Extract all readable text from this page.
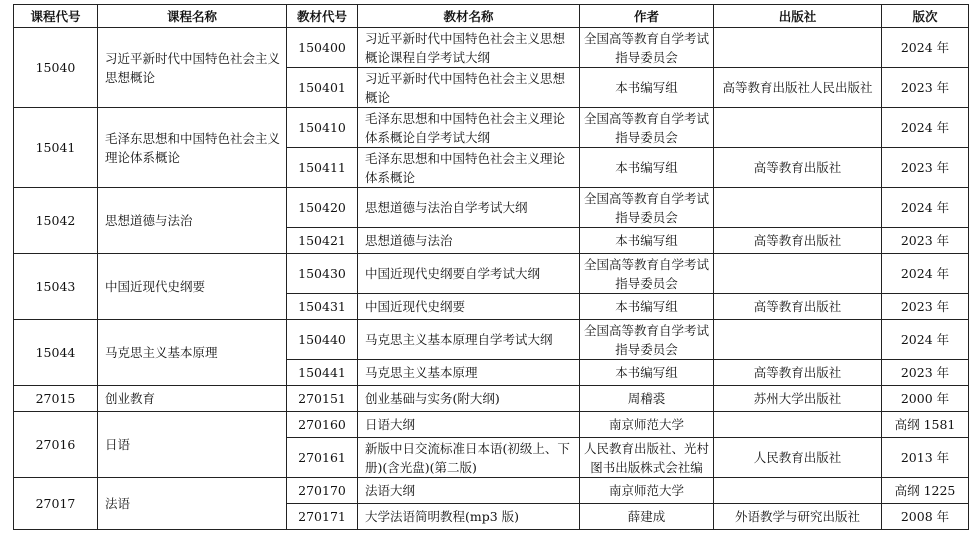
课程代号	课程名称	教材代号	教材名称	作者	出版社	版次
15040	习近平新时代中国特色社会主义思想概论	150400	习近平新时代中国特色社会主义思想概论课程自学考试大纲	全国高等教育自学考试指导委员会		2024 年
		150401	习近平新时代中国特色社会主义思想概论	本书编写组	高等教育出版社人民出版社	2023 年
15041	毛泽东思想和中国特色社会主义理论体系概论	150410	毛泽东思想和中国特色社会主义理论体系概论自学考试大纲	全国高等教育自学考试指导委员会		2024 年
		150411	毛泽东思想和中国特色社会主义理论体系概论	本书编写组	高等教育出版社	2023 年
15042	思想道德与法治	150420	思想道德与法治自学考试大纲	全国高等教育自学考试指导委员会		2024 年
		150421	思想道德与法治	本书编写组	高等教育出版社	2023 年
15043	中国近现代史纲要	150430	中国近现代史纲要自学考试大纲	全国高等教育自学考试指导委员会		2024 年
		150431	中国近现代史纲要	本书编写组	高等教育出版社	2023 年
15044	马克思主义基本原理	150440	马克思主义基本原理自学考试大纲	全国高等教育自学考试指导委员会		2024 年
		150441	马克思主义基本原理	本书编写组	高等教育出版社	2023 年
27015	创业教育	270151	创业基础与实务(附大纲)	周稽裘	苏州大学出版社	2000 年
27016	日语	270160	日语大纲	南京师范大学		高纲 1581
		270161	新版中日交流标准日本语(初级上、下册)(含光盘)(第二版)	人民教育出版社、光村图书出版株式会社编	人民教育出版社	2013 年
27017	法语	270170	法语大纲	南京师范大学		高纲 1225
		270171	大学法语简明教程(mp3 版)	薛建成	外语教学与研究出版社	2008 年
